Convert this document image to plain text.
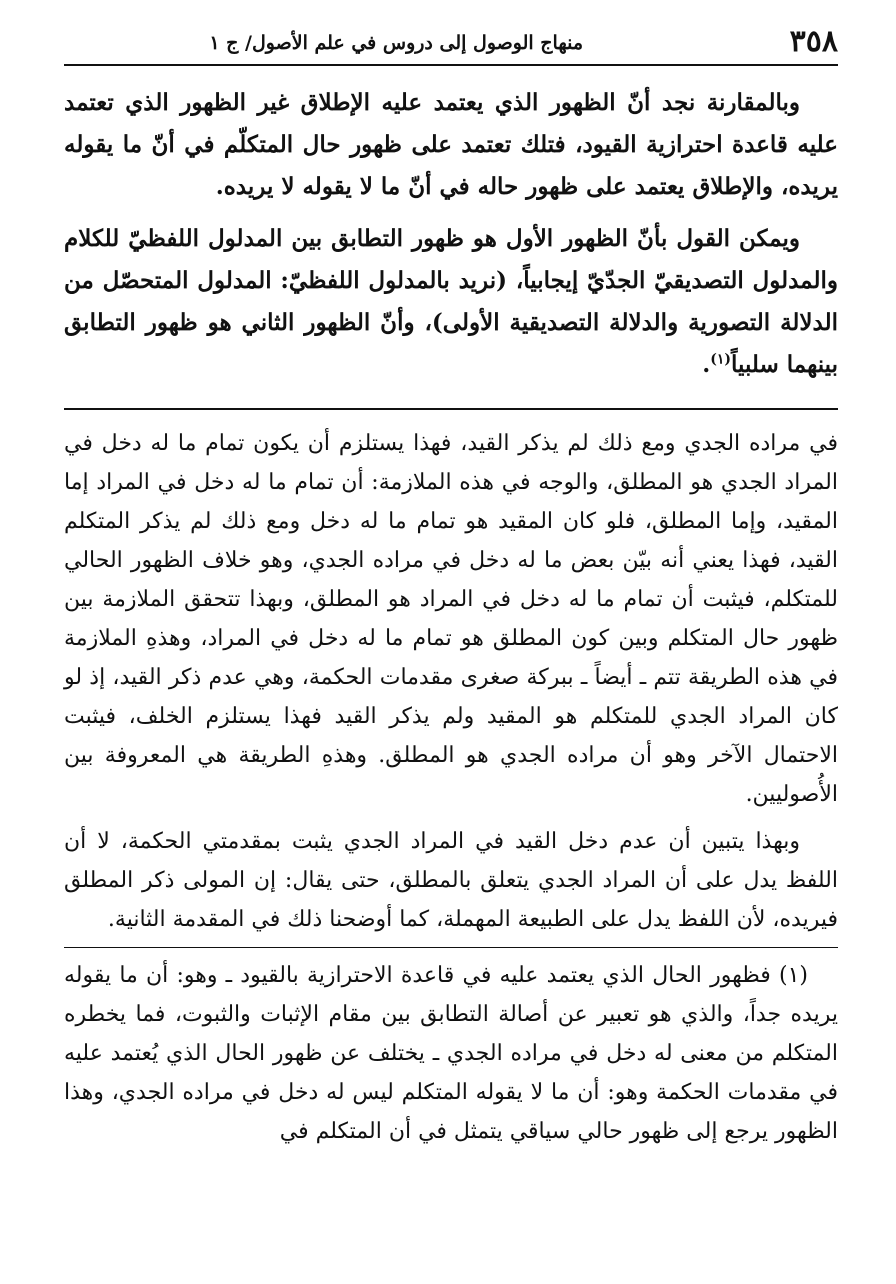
٣٥٨
منهاج الوصول إلى دروس في علم الأصول/ ج ١

وبالمقارنة نجد أنّ الظهور الذي يعتمد عليه الإطلاق غير الظهور الذي تعتمد عليه قاعدة احترازية القيود، فتلك تعتمد على ظهور حال المتكلّم في أنّ ما يقوله يريده، والإطلاق يعتمد على ظهور حاله في أنّ ما لا يقوله لا يريده.

ويمكن القول بأنّ الظهور الأول هو ظهور التطابق بين المدلول اللفظيّ للكلام والمدلول التصديقيّ الجدّيّ إيجابياً، (نريد بالمدلول اللفظيّ: المدلول المتحصّل من الدلالة التصورية والدلالة التصديقية الأولى)، وأنّ الظهور الثاني هو ظهور التطابق بينهما سلبياً$^{(١)}$.

في مراده الجدي ومع ذلك لم يذكر القيد، فهذا يستلزم أن يكون تمام ما له دخل في المراد الجدي هو المطلق، والوجه في هذه الملازمة: أن تمام ما له دخل في المراد إما المقيد، وإما المطلق، فلو كان المقيد هو تمام ما له دخل ومع ذلك لم يذكر المتكلم القيد، فهذا يعني أنه بيّن بعض ما له دخل في مراده الجدي، وهو خلاف الظهور الحالي للمتكلم، فيثبت أن تمام ما له دخل في المراد هو المطلق، وبهذا تتحقق الملازمة بين ظهور حال المتكلم وبين كون المطلق هو تمام ما له دخل في المراد، وهذهِ الملازمة في هذه الطريقة تتم ـ أيضاً ـ ببركة صغرى مقدمات الحكمة، وهي عدم ذكر القيد، إذ لو كان المراد الجدي للمتكلم هو المقيد ولم يذكر القيد فهذا يستلزم الخلف، فيثبت الاحتمال الآخر وهو أن مراده الجدي هو المطلق. وهذهِ الطريقة هي المعروفة بين الأُصوليين.

وبهذا يتبين أن عدم دخل القيد في المراد الجدي يثبت بمقدمتي الحكمة، لا أن اللفظ يدل على أن المراد الجدي يتعلق بالمطلق، حتى يقال: إن المولى ذكر المطلق فيريده، لأن اللفظ يدل على الطبيعة المهملة، كما أوضحنا ذلك في المقدمة الثانية.

(١) فظهور الحال الذي يعتمد عليه في قاعدة الاحترازية بالقيود ـ وهو: أن ما يقوله يريده جداً، والذي هو تعبير عن أصالة التطابق بين مقام الإثبات والثبوت، فما يخطره المتكلم من معنى له دخل في مراده الجدي ـ يختلف عن ظهور الحال الذي يُعتمد عليه في مقدمات الحكمة وهو: أن ما لا يقوله المتكلم ليس له دخل في مراده الجدي، وهذا الظهور يرجع إلى ظهور حالي سياقي يتمثل في أن المتكلم في
